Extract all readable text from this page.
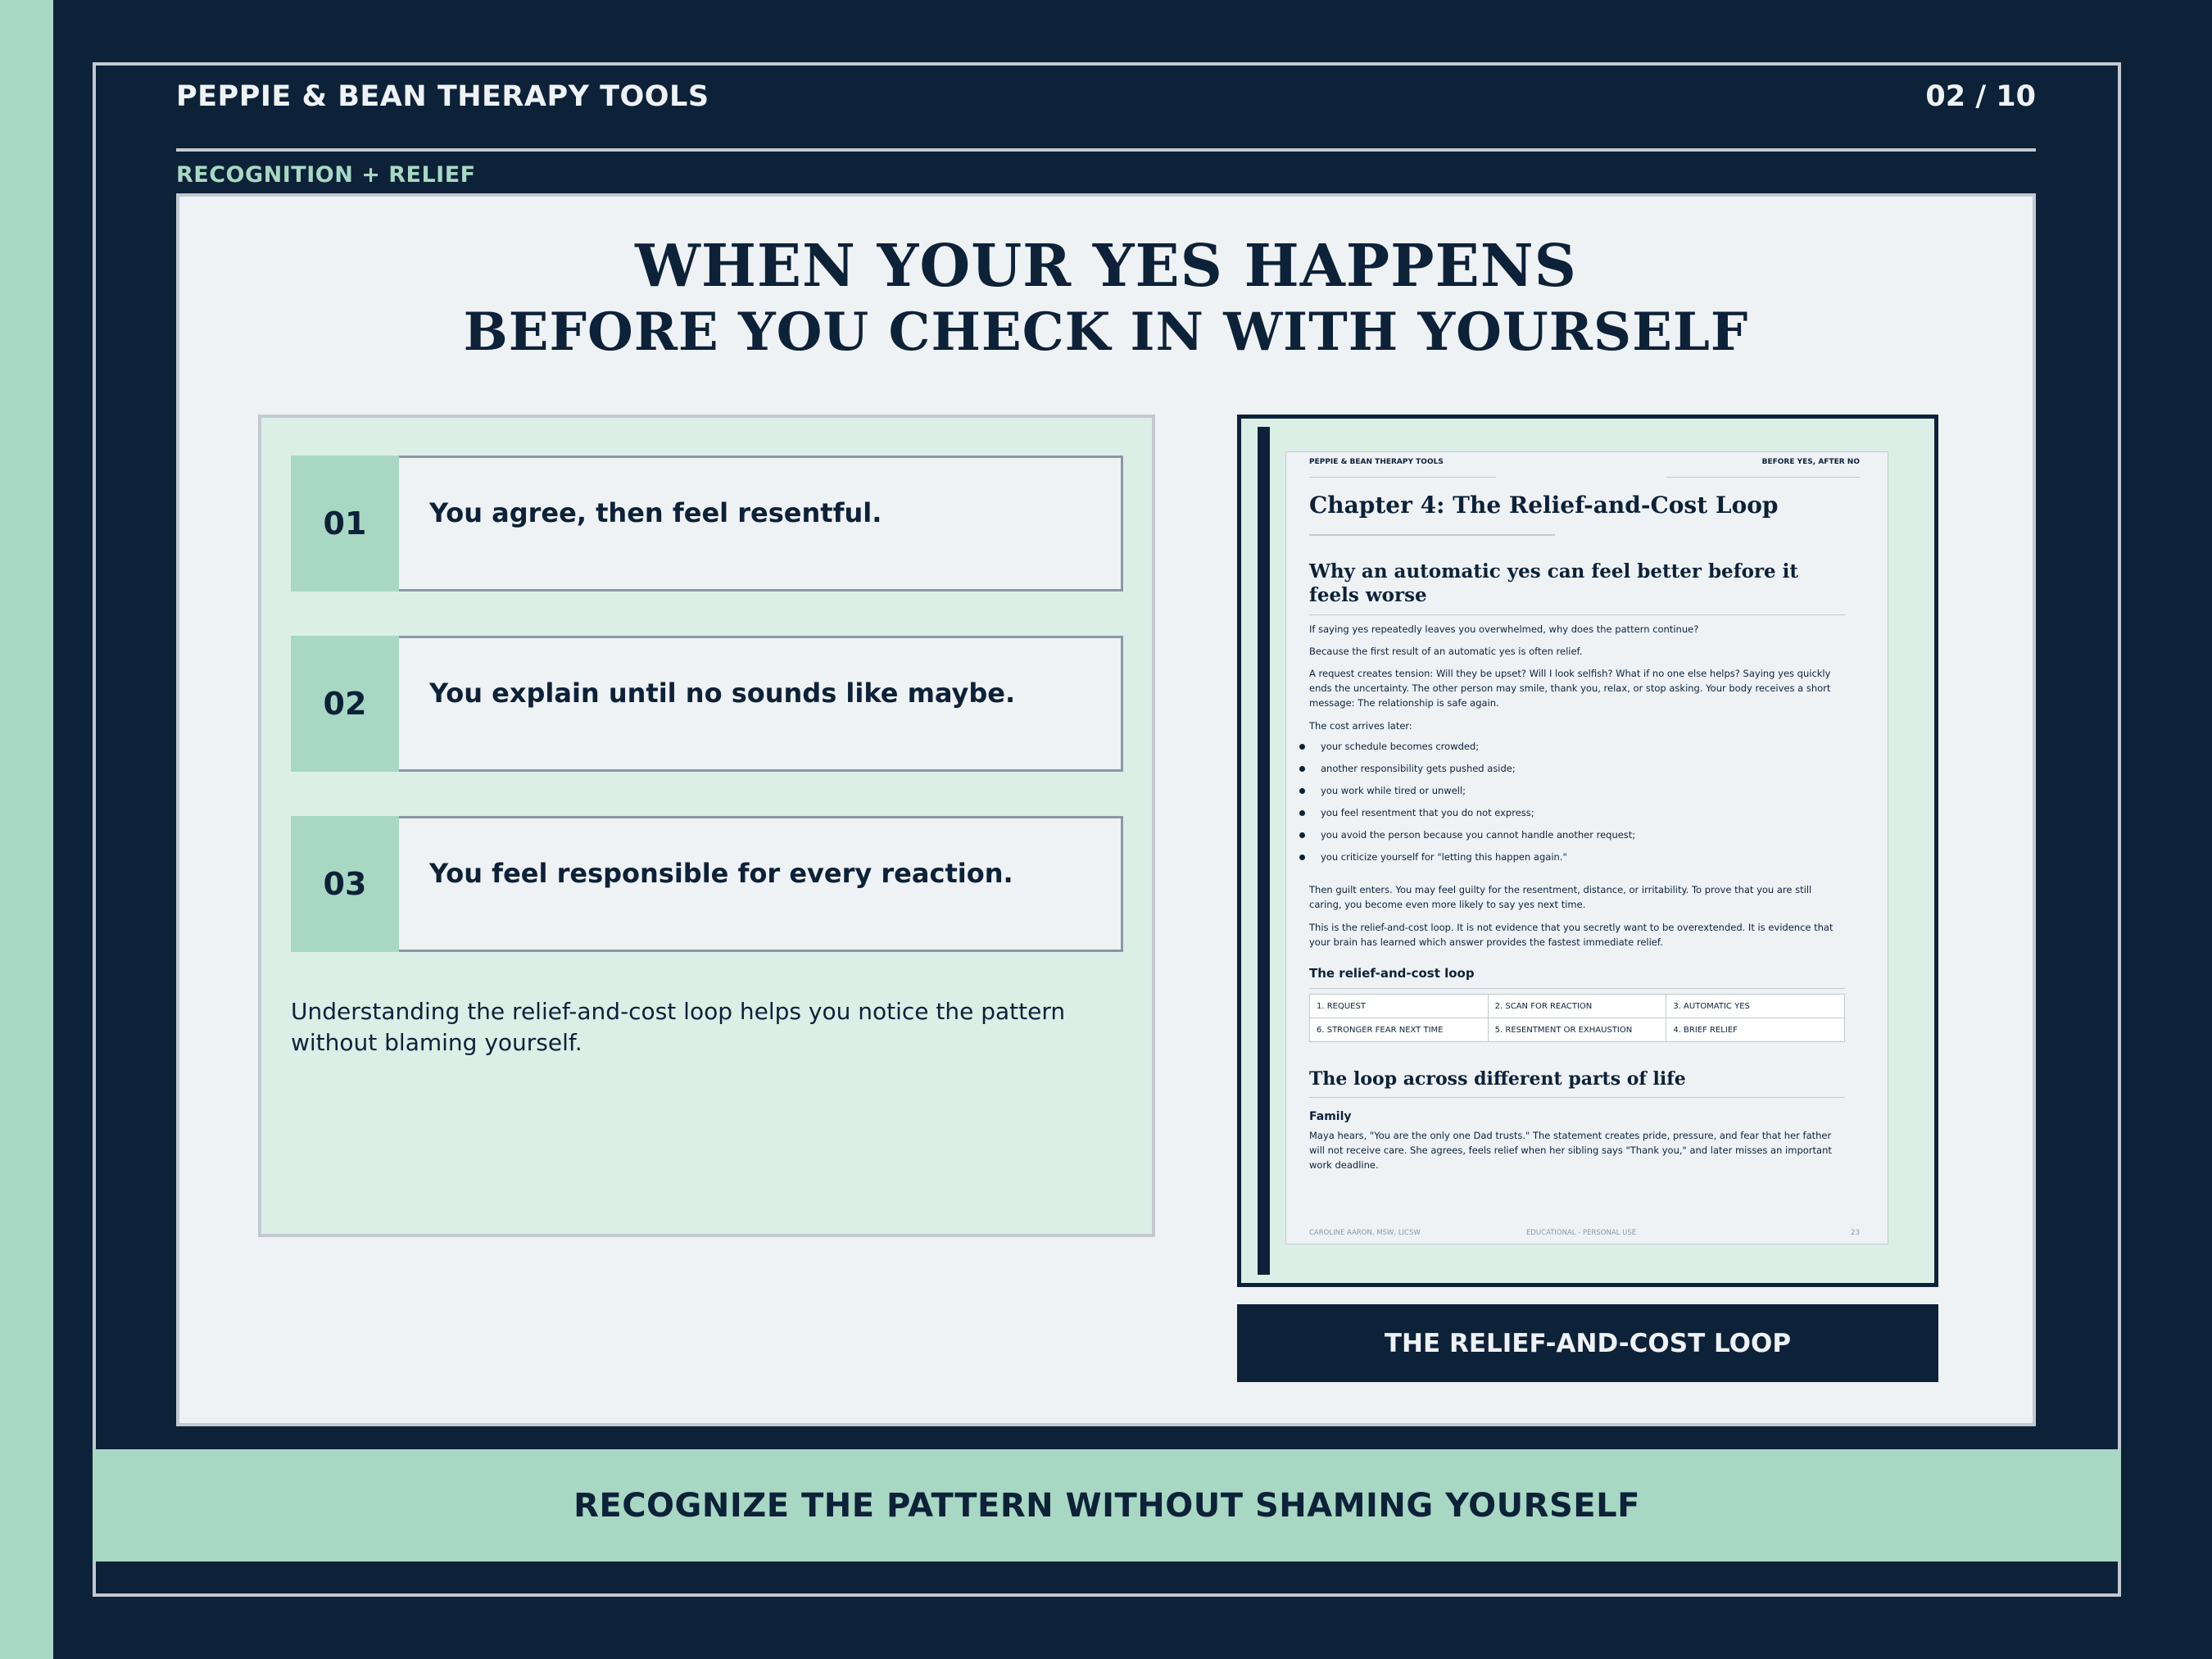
PEPPIE & BEAN THERAPY TOOLS	02 / 10
RECOGNITION + RELIEF
WHEN YOUR YES HAPPENS
BEFORE YOU CHECK IN WITH YOURSELF
01	You agree, then feel resentful.
02	You explain until no sounds like maybe.
03	You feel responsible for every reaction.
Understanding the relief-and-cost loop helps you notice the pattern without blaming yourself.
PEPPIE & BEAN THERAPY TOOLS	BEFORE YES, AFTER NO
Chapter 4: The Relief-and-Cost Loop
Why an automatic yes can feel better before it feels worse
If saying yes repeatedly leaves you overwhelmed, why does the pattern continue?
Because the first result of an automatic yes is often relief.
A request creates tension: Will they be upset? Will I look selfish? What if no one else helps? Saying yes quickly ends the uncertainty. The other person may smile, thank you, relax, or stop asking. Your body receives a short message: The relationship is safe again.
The cost arrives later:
your schedule becomes crowded;
another responsibility gets pushed aside;
you work while tired or unwell;
you feel resentment that you do not express;
you avoid the person because you cannot handle another request;
you criticize yourself for "letting this happen again."
Then guilt enters. You may feel guilty for the resentment, distance, or irritability. To prove that you are still caring, you become even more likely to say yes next time.
This is the relief-and-cost loop. It is not evidence that you secretly want to be overextended. It is evidence that your brain has learned which answer provides the fastest immediate relief.
The relief-and-cost loop
1. REQUEST	2. SCAN FOR REACTION	3. AUTOMATIC YES
6. STRONGER FEAR NEXT TIME	5. RESENTMENT OR EXHAUSTION	4. BRIEF RELIEF
The loop across different parts of life
Family
Maya hears, "You are the only one Dad trusts." The statement creates pride, pressure, and fear that her father will not receive care. She agrees, feels relief when her sibling says "Thank you," and later misses an important work deadline.
CAROLINE AARON, MSW, LICSW	EDUCATIONAL - PERSONAL USE	23
THE RELIEF-AND-COST LOOP
RECOGNIZE THE PATTERN WITHOUT SHAMING YOURSELF
